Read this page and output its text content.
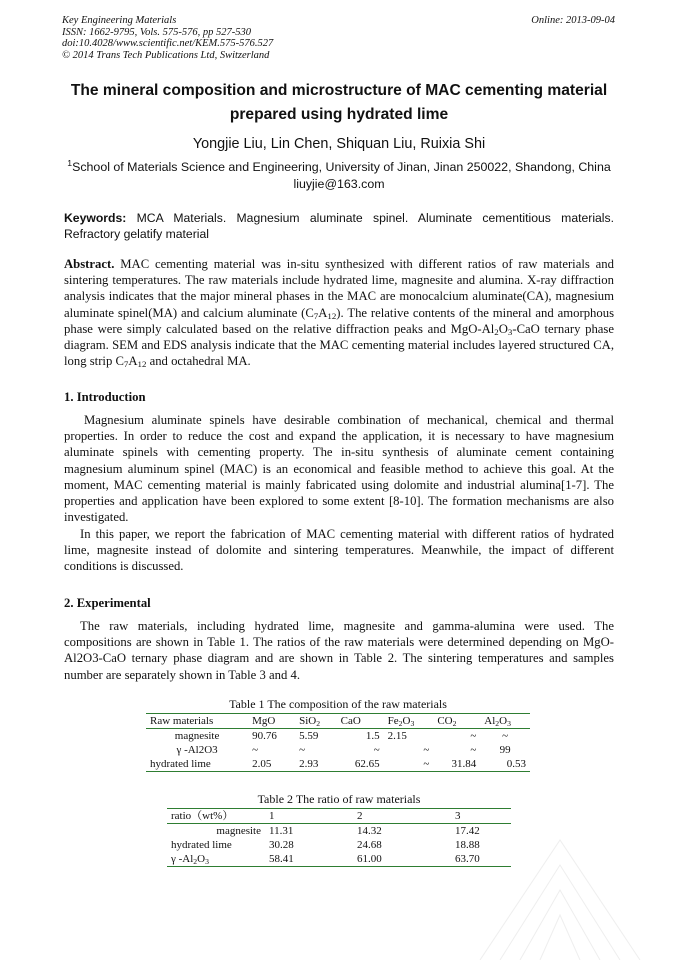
Key Engineering Materials
ISSN: 1662-9795, Vols. 575-576, pp 527-530
doi:10.4028/www.scientific.net/KEM.575-576.527
© 2014 Trans Tech Publications Ltd, Switzerland
Online: 2013-09-04
The mineral composition and microstructure of MAC cementing material
prepared using hydrated lime
Yongjie Liu, Lin Chen, Shiquan Liu, Ruixia Shi
$^1$School of Materials Science and Engineering, University of Jinan, Jinan 250022, Shandong, China
liuyjie@163.com
Keywords: MCA Materials. Magnesium aluminate spinel. Aluminate cementitious materials. Refractory gelatify material
Abstract. MAC cementing material was in-situ synthesized with different ratios of raw materials and sintering temperatures. The raw materials include hydrated lime, magnesite and alumina. X-ray diffraction analysis indicates that the major mineral phases in the MAC are monocalcium aluminate(CA), magnesium aluminate spinel(MA) and calcium aluminate $(C_7A_{12})$. The relative contents of the mineral and amorphous phase were simply calculated based on the relative diffraction peaks and MgO-$Al_2O_3$-CaO ternary phase diagram. SEM and EDS analysis indicate that the MAC cementing material includes layered structured CA, long strip $C_7A_{12}$ and octahedral MA.
1. Introduction
Magnesium aluminate spinels have desirable combination of mechanical, chemical and thermal properties. In order to reduce the cost and expand the application, it is necessary to have magnesium aluminate spinels with cementing property. The in-situ synthesis of aluminate cement containing magnesium aluminum spinel (MAC) is an economical and feasible method to achieve this goal. At the moment, MAC cementing material is mainly fabricated using dolomite and industrial alumina[1-7]. The properties and application have been explored to some extent [8-10]. The formation mechanisms are also investigated.
In this paper, we report the fabrication of MAC cementing material with different ratios of hydrated lime, magnesite instead of dolomite and sintering temperatures. Meanwhile, the impact of different conditions is discussed.
2. Experimental
The raw materials, including hydrated lime, magnesite and gamma-alumina were used. The compositions are shown in Table 1. The ratios of the raw materials were determined depending on MgO-Al2O3-CaO ternary phase diagram and are shown in Table 2. The sintering temperatures and samples number are separately shown in Table 3 and 4.
Table 1 The composition of the raw materials
Raw materials	MgO	SiO$_2$	CaO	$Fe_2O_3$	$CO_2$	$Al_2O_3$
magnesite	90.76	5.59	1.5	2.15	~	~
γ -Al2O3	~	~	~	~	~	99
hydrated lime	2.05	2.93	62.65	~	31.84	0.53
Table 2 The ratio of raw materials
ratio（wt%）	1	2	3
magnesite	11.31	14.32	17.42
hydrated lime	30.28	24.68	18.88
γ $-Al_2O_3$	58.41	61.00	63.70
